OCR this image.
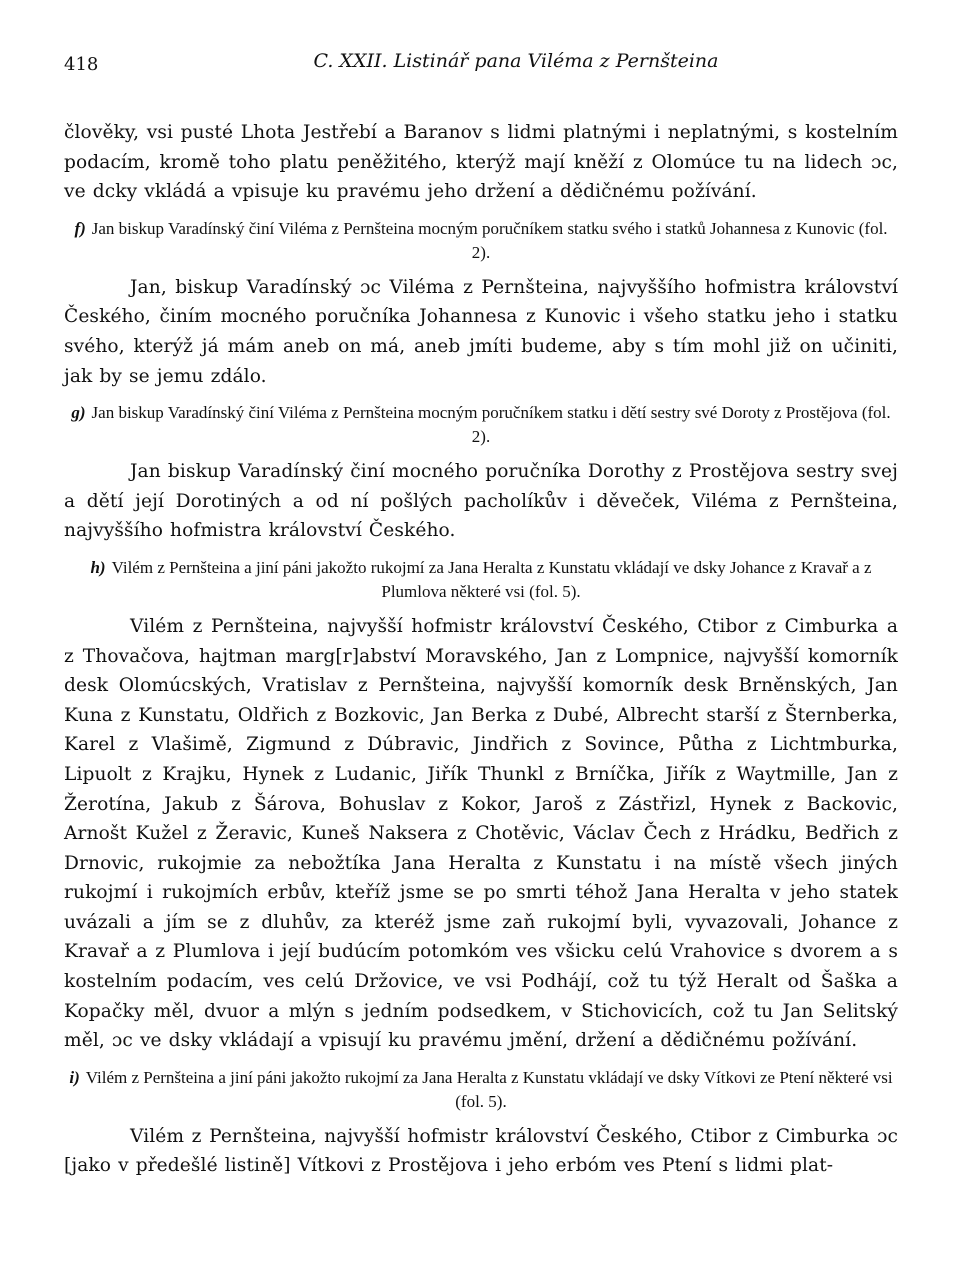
418	C. XXII. Listinář pana Viléma z Pernšteina

člověky, vsi pusté Lhota Jestřebí a Baranov s lidmi platnými i neplatnými, s kostelním podacím, kromě toho platu peněžitého, kterýž mají kněží z Olomúce tu na lidech ɔc, ve dcky vkládá a vpisuje ku pravému jeho držení a dědičnému požívání.

f) Jan biskup Varadínský činí Viléma z Pernšteina mocným poručníkem statku svého i statků Johannesa z Kunovic (fol. 2).

Jan, biskup Varadínský ɔc Viléma z Pernšteina, najvyššího hofmistra království Českého, činím mocného poručníka Johannesa z Kunovic i všeho statku jeho i statku svého, kterýž já mám aneb on má, aneb jmíti budeme, aby s tím mohl již on učiniti, jak by se jemu zdálo.

g) Jan biskup Varadínský činí Viléma z Pernšteina mocným poručníkem statku i dětí sestry své Doroty z Prostějova (fol. 2).

Jan biskup Varadínský činí mocného poručníka Dorothy z Prostějova sestry svej a dětí její Dorotiných a od ní pošlých pacholíkův i děveček, Viléma z Pernšteina, najvyššího hofmistra království Českého.

h) Vilém z Pernšteina a jiní páni jakožto rukojmí za Jana Heralta z Kunstatu vkládají ve dsky Johance z Kravař a z Plumlova některé vsi (fol. 5).

Vilém z Pernšteina, najvyšší hofmistr království Českého, Ctibor z Cimburka a z Thovačova, hajtman marg[r]abství Moravského, Jan z Lompnice, najvyšší komorník desk Olomúcských, Vratislav z Pernšteina, najvyšší komorník desk Brněnských, Jan Kuna z Kunstatu, Oldřich z Bozkovic, Jan Berka z Dubé, Albrecht starší z Šternberka, Karel z Vlašimě, Zigmund z Dúbravic, Jindřich z Sovince, Půtha z Lichtmburka, Lipuolt z Krajku, Hynek z Ludanic, Jiřík Thunkl z Brníčka, Jiřík z Waytmille, Jan z Žerotína, Jakub z Šárova, Bohuslav z Kokor, Jaroš z Zástřizl, Hynek z Backovic, Arnošt Kužel z Žeravic, Kuneš Naksera z Chotěvic, Václav Čech z Hrádku, Bedřich z Drnovic, rukojmie za nebožtíka Jana Heralta z Kunstatu i na místě všech jiných rukojmí i rukojmích erbův, kteříž jsme se po smrti téhož Jana Heralta v jeho statek uvázali a jím se z dluhův, za kteréž jsme zaň rukojmí byli, vyvazovali, Johance z Kravař a z Plumlova i její budúcím potomkóm ves všicku celú Vrahovice s dvorem a s kostelním podacím, ves celú Držovice, ve vsi Podhájí, což tu týž Heralt od Šaška a Kopačky měl, dvuor a mlýn s jedním podsedkem, v Stichovicích, což tu Jan Selitský měl, ɔc ve dsky vkládají a vpisují ku pravému jmění, držení a dědičnému požívání.

i) Vilém z Pernšteina a jiní páni jakožto rukojmí za Jana Heralta z Kunstatu vkládají ve dsky Vítkovi ze Ptení některé vsi (fol. 5).

Vilém z Pernšteina, najvyšší hofmistr království Českého, Ctibor z Cimburka ɔc [jako v předešlé listině] Vítkovi z Prostějova i jeho erbóm ves Ptení s lidmi plat-
